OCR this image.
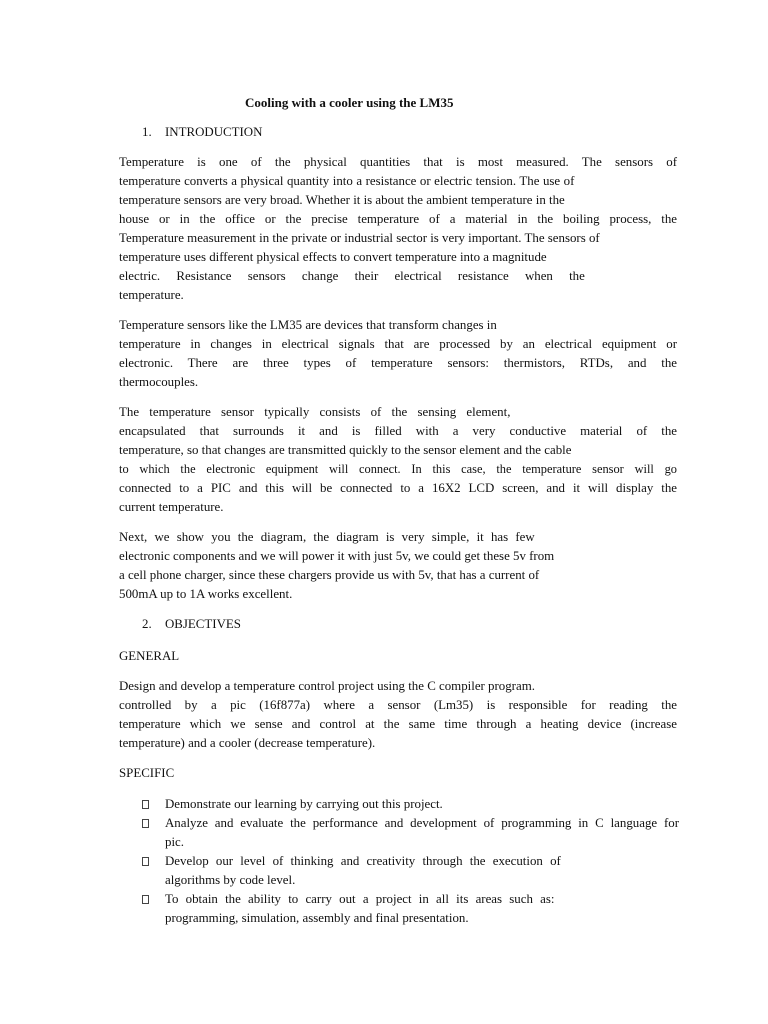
Cooling with a cooler using the LM35
1. INTRODUCTION
Temperature is one of the physical quantities that is most measured. The sensors of
temperature converts a physical quantity into a resistance or electric tension. The use of
temperature sensors are very broad. Whether it is about the ambient temperature in the
house or in the office or the precise temperature of a material in the boiling process, the
Temperature measurement in the private or industrial sector is very important. The sensors of
temperature uses different physical effects to convert temperature into a magnitude
electric. Resistance sensors change their electrical resistance when the
temperature.
Temperature sensors like the LM35 are devices that transform changes in
temperature in changes in electrical signals that are processed by an electrical equipment or
electronic. There are three types of temperature sensors: thermistors, RTDs, and the
thermocouples.
The temperature sensor typically consists of the sensing element,
encapsulated that surrounds it and is filled with a very conductive material of the
temperature, so that changes are transmitted quickly to the sensor element and the cable
to which the electronic equipment will connect. In this case, the temperature sensor will go
connected to a PIC and this will be connected to a 16X2 LCD screen, and it will display the
current temperature.
Next, we show you the diagram, the diagram is very simple, it has few
electronic components and we will power it with just 5v, we could get these 5v from
a cell phone charger, since these chargers provide us with 5v, that has a current of
500mA up to 1A works excellent.
2. OBJECTIVES
GENERAL
Design and develop a temperature control project using the C compiler program.
controlled by a pic (16f877a) where a sensor (Lm35) is responsible for reading the
temperature which we sense and control at the same time through a heating device (increase
temperature) and a cooler (decrease temperature).
SPECIFIC
Demonstrate our learning by carrying out this project.
Analyze and evaluate the performance and development of programming in C language for
pic.
Develop our level of thinking and creativity through the execution of
algorithms by code level.
To obtain the ability to carry out a project in all its areas such as:
programming, simulation, assembly and final presentation.
